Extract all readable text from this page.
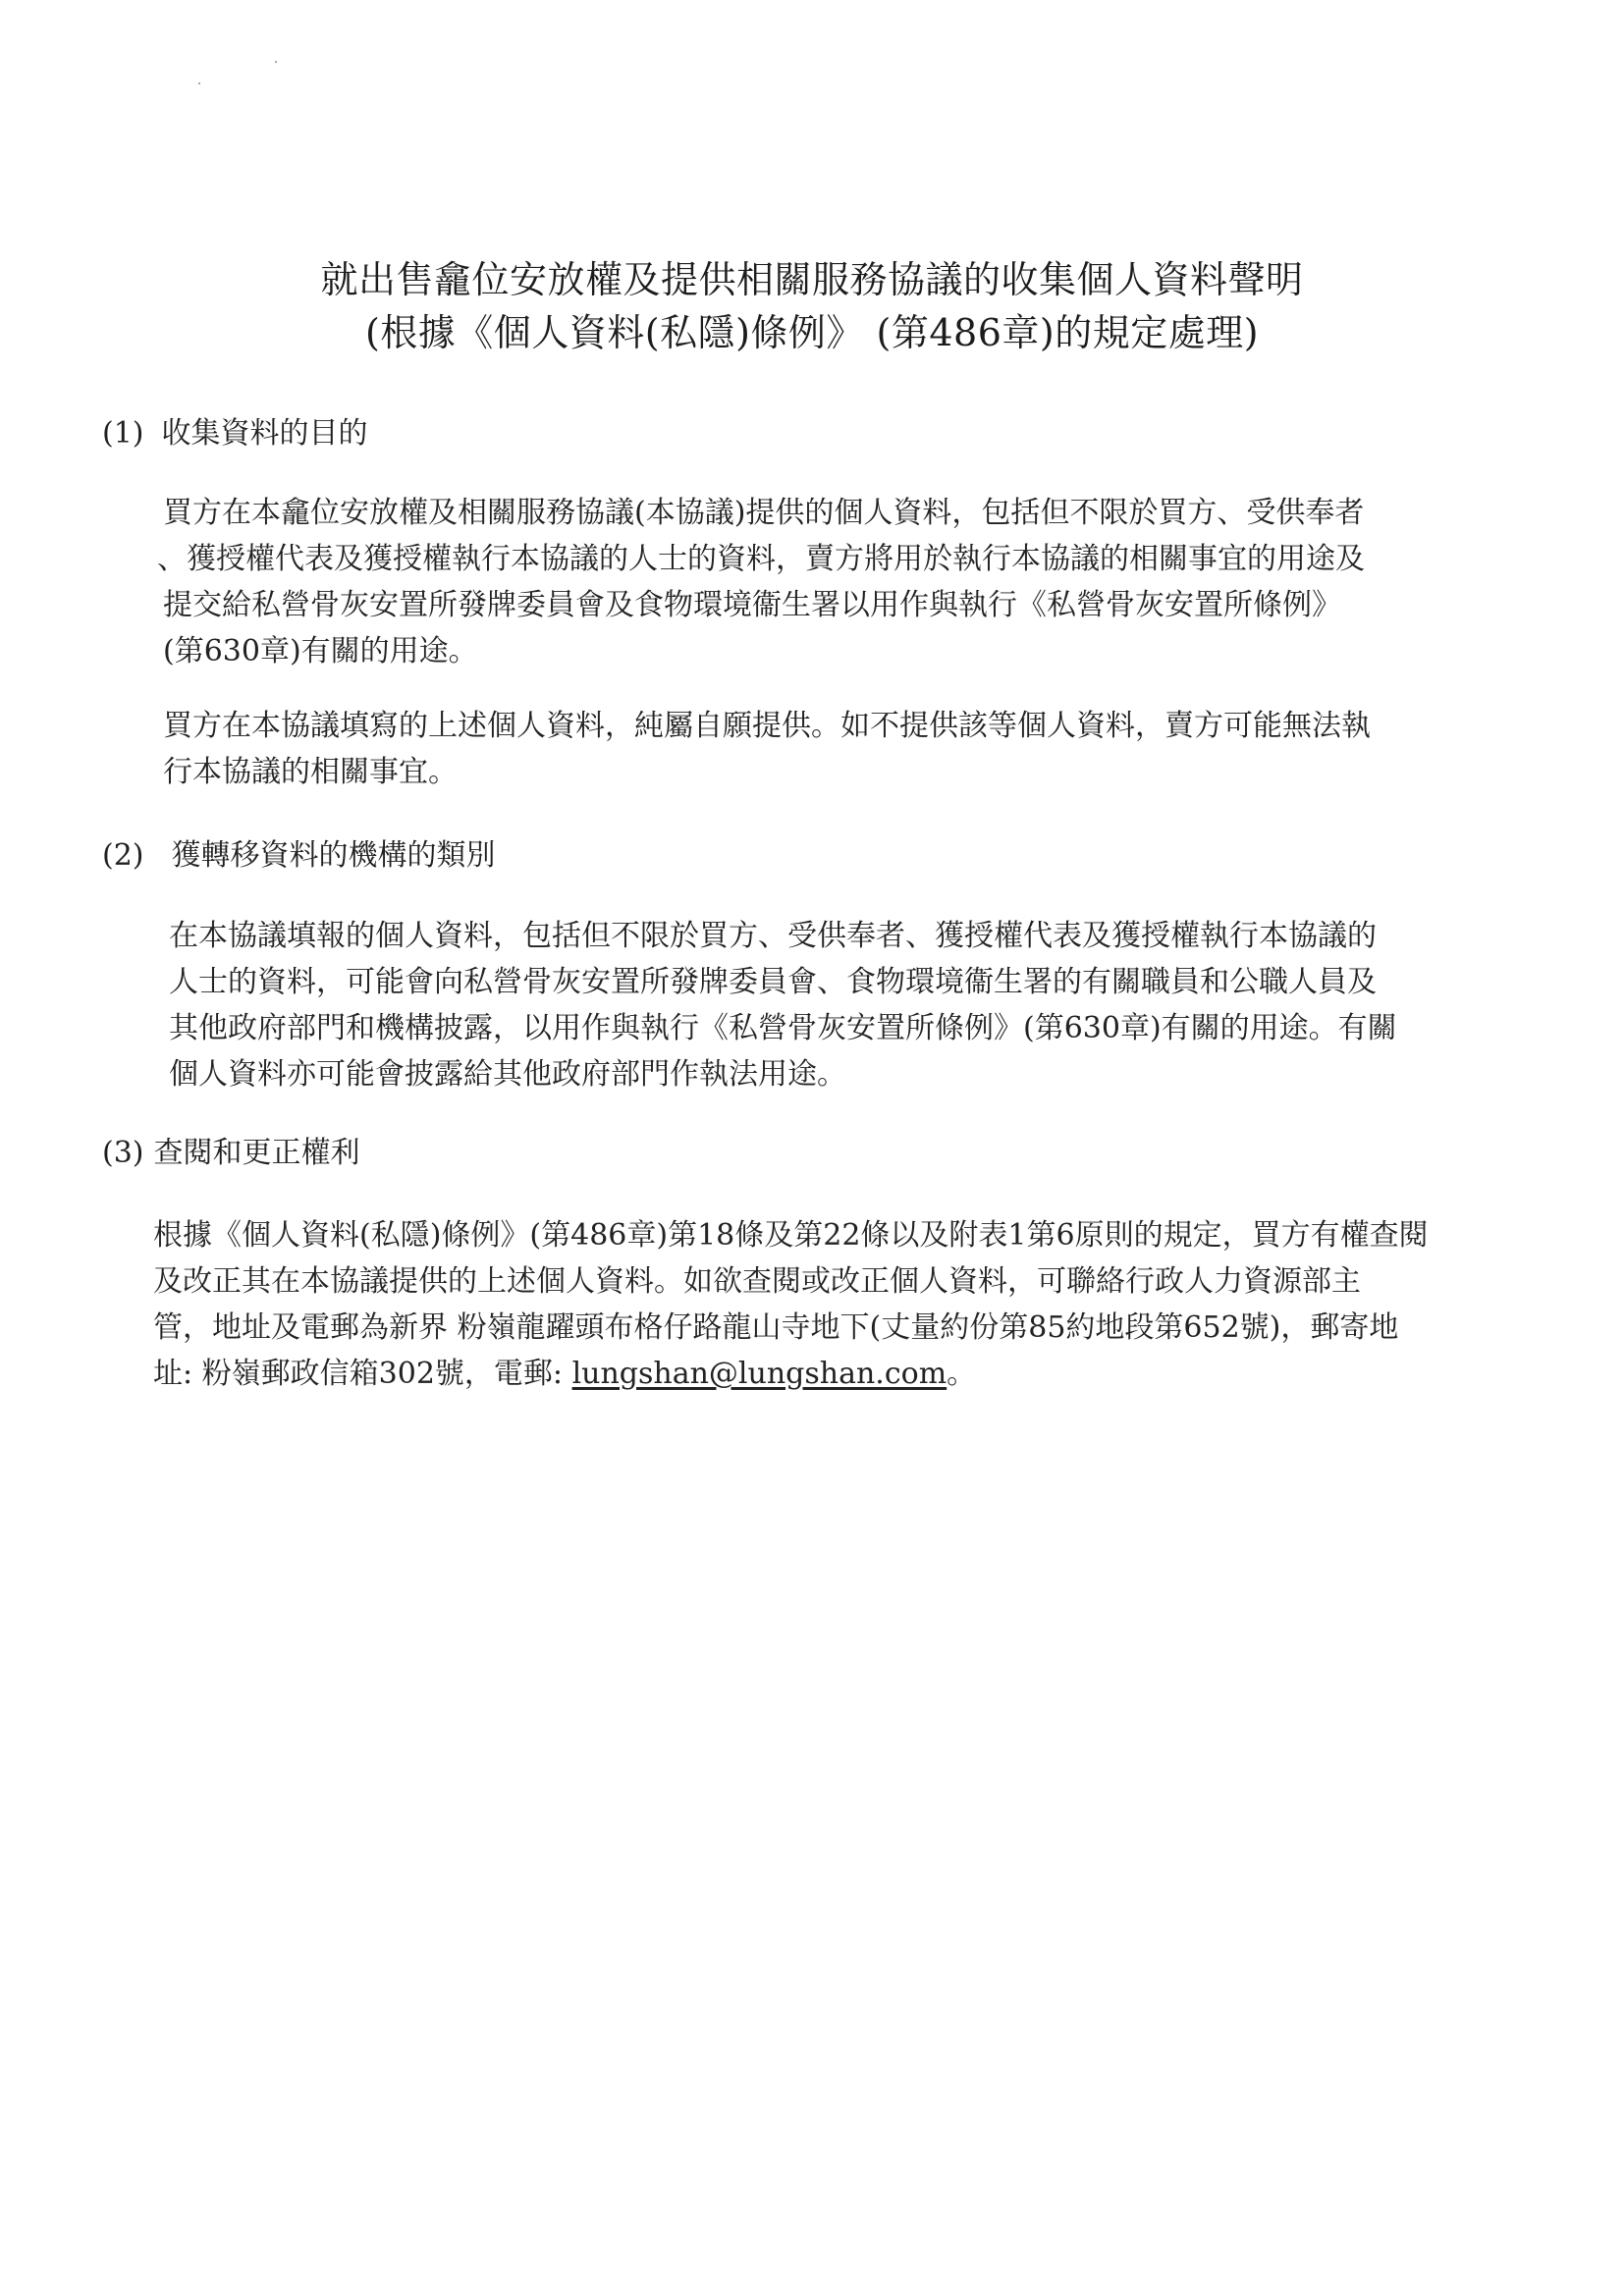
就出售龕位安放權及提供相關服務協議的收集個人資料聲明
(根據《個人資料(私隱)條例》 (第486章)的規定處理)
(1) 收集資料的目的
買方在本龕位安放權及相關服務協議(本協議)提供的個人資料，包括但不限於買方、受供奉者
、獲授權代表及獲授權執行本協議的人士的資料，賣方將用於執行本協議的相關事宜的用途及
提交給私營骨灰安置所發牌委員會及食物環境衞生署以用作與執行《私營骨灰安置所條例》
(第630章)有關的用途。
買方在本協議填寫的上述個人資料，純屬自願提供。如不提供該等個人資料，賣方可能無法執
行本協議的相關事宜。
(2) 獲轉移資料的機構的類別
在本協議填報的個人資料，包括但不限於買方、受供奉者、獲授權代表及獲授權執行本協議的
人士的資料，可能會向私營骨灰安置所發牌委員會、食物環境衞生署的有關職員和公職人員及
其他政府部門和機構披露，以用作與執行《私營骨灰安置所條例》(第630章)有關的用途。有關
個人資料亦可能會披露給其他政府部門作執法用途。
(3) 查閱和更正權利
根據《個人資料(私隱)條例》(第486章)第18條及第22條以及附表1第6原則的規定，買方有權查閱
及改正其在本協議提供的上述個人資料。如欲查閱或改正個人資料，可聯絡行政人力資源部主
管，地址及電郵為新界 粉嶺龍躍頭布格仔路龍山寺地下(丈量約份第85約地段第652號)，郵寄地
址: 粉嶺郵政信箱302號，電郵: lungshan@lungshan.com。
